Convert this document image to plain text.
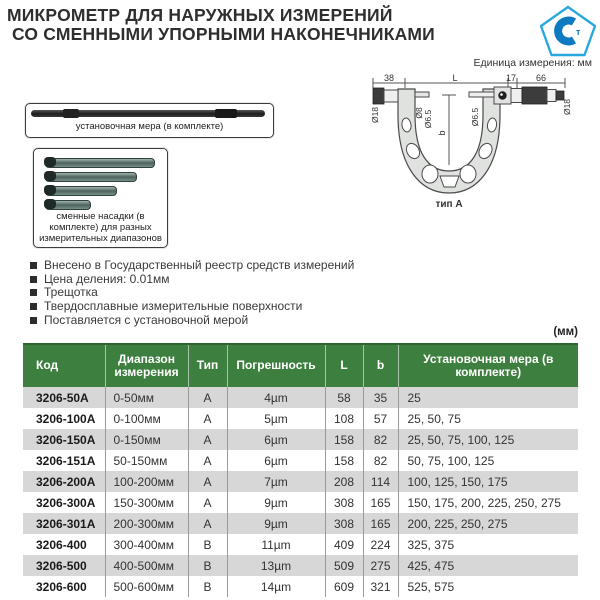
МИКРОМЕТР ДЛЯ НАРУЖНЫХ ИЗМЕРЕНИЙ
СО СМЕННЫМИ УПОРНЫМИ НАКОНЕЧНИКАМИ	т
Единица измерения: мм
38	L	17 66
b
Ø18	Ø8 Ø6.5	Ø6.5
Ø18
тип А
установочная мера (в комплекте)
сменные насадки (в комплекте) для разных измерительных диапазонов
Внесено в Государственный реестр средств измерений
Цена деления: 0.01мм
Трещотка
Твердосплавные измерительные поверхности
Поставляется с установочной мерой
(мм)
Код	Диапазон измерения	Тип	Погрешность	L	b	Установочная мера (в комплекте)
3206-50A	0-50мм	A	4µm	58	35	25
3206-100A	0-100мм	A	5µm	108	57	25, 50, 75
3206-150A	0-150мм	A	6µm	158	82	25, 50, 75, 100, 125
3206-151A	50-150мм	A	6µm	158	82	50, 75, 100, 125
3206-200A	100-200мм	A	7µm	208	114	100, 125, 150, 175
3206-300A	150-300мм	A	9µm	308	165	150, 175, 200, 225, 250, 275
3206-301A	200-300мм	A	9µm	308	165	200, 225, 250, 275
3206-400	300-400мм	B	11µm	409	224	325, 375
3206-500	400-500мм	B	13µm	509	275	425, 475
3206-600	500-600мм	B	14µm	609	321	525, 575
